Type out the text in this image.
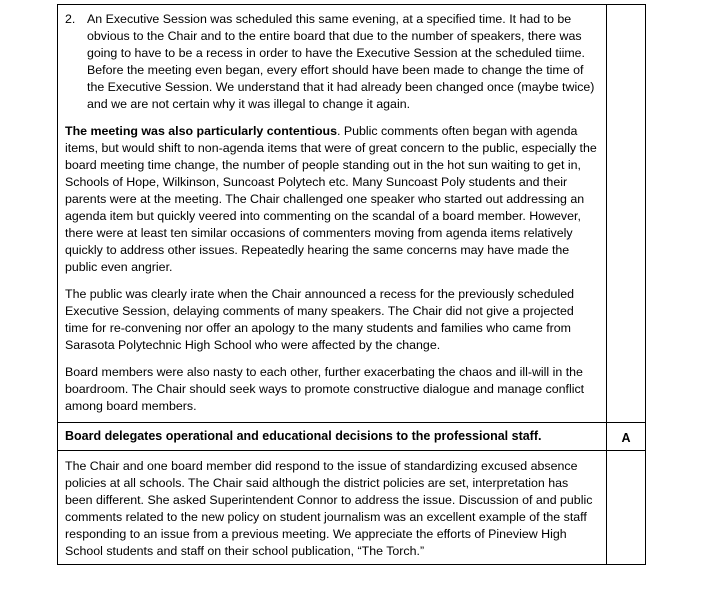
2. An Executive Session was scheduled this same evening, at a specified time. It had to be obvious to the Chair and to the entire board that due to the number of speakers, there was going to have to be a recess in order to have the Executive Session at the scheduled tiime. Before the meeting even began, every effort should have been made to change the time of the Executive Session. We understand that it had already been changed once (maybe twice) and we are not certain why it was illegal to change it again.

The meeting was also particularly contentious. Public comments often began with agenda items, but would shift to non-agenda items that were of great concern to the public, especially the board meeting time change, the number of people standing out in the hot sun waiting to get in, Schools of Hope, Wilkinson, Suncoast Polytech etc. Many Suncoast Poly students and their parents were at the meeting. The Chair challenged one speaker who started out addressing an agenda item but quickly veered into commenting on the scandal of a board member. However, there were at least ten similar occasions of commenters moving from agenda items relatively quickly to address other issues. Repeatedly hearing the same concerns may have made the public even angrier.

The public was clearly irate when the Chair announced a recess for the previously scheduled Executive Session, delaying comments of many speakers. The Chair did not give a projected time for re-convening nor offer an apology to the many students and families who came from Sarasota Polytechnic High School who were affected by the change.

Board members were also nasty to each other, further exacerbating the chaos and ill-will in the boardroom. The Chair should seek ways to promote constructive dialogue and manage conflict among board members.	

Board delegates operational and educational decisions to the professional staff.	A

The Chair and one board member did respond to the issue of standardizing excused absence policies at all schools. The Chair said although the district policies are set, interpretation has been different. She asked Superintendent Connor to address the issue. Discussion of and public comments related to the new policy on student journalism was an excellent example of the staff responding to an issue from a previous meeting. We appreciate the efforts of Pineview High School students and staff on their school publication, “The Torch.”	
